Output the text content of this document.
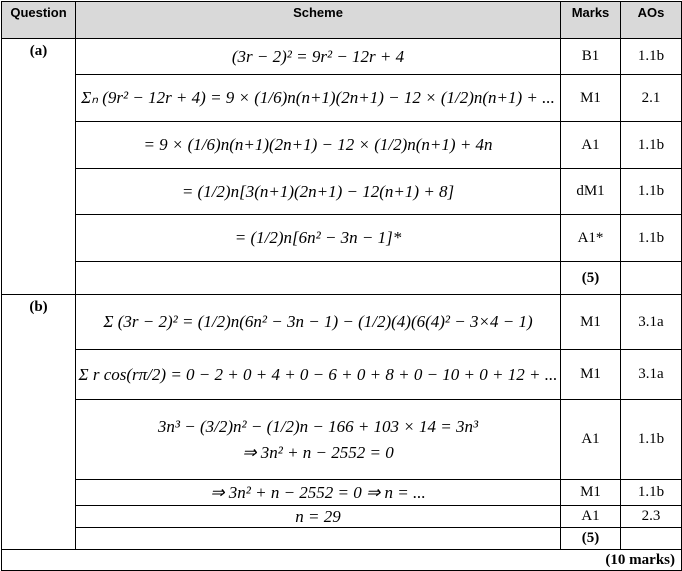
Question	Scheme	Marks	AOs
(a)	(3r − 2)² = 9r² − 12r + 4	B1	1.1b
	Σₙ (9r² − 12r + 4) = 9 × (1/6)n(n+1)(2n+1) − 12 × (1/2)n(n+1) + ...	M1	2.1
	= 9 × (1/6)n(n+1)(2n+1) − 12 × (1/2)n(n+1) + 4n	A1	1.1b
	= (1/2)n[3(n+1)(2n+1) − 12(n+1) + 8]	dM1	1.1b
	= (1/2)n[6n² − 3n − 1]*	A1*	1.1b
		(5)	
(b)	Σ (3r − 2)² = (1/2)n(6n² − 3n − 1) − (1/2)(4)(6(4)² − 3×4 − 1)	M1	3.1a
	Σ r cos(rπ/2) = 0 − 2 + 0 + 4 + 0 − 6 + 0 + 8 + 0 − 10 + 0 + 12 + ...	M1	3.1a
	3n³ − (3/2)n² − (1/2)n − 166 + 103 × 14 = 3n³
⇒ 3n² + n − 2552 = 0	A1	1.1b
	⇒ 3n² + n − 2552 = 0 ⇒ n = ...	M1	1.1b
	n = 29	A1	2.3
		(5)	
(10 marks)			
